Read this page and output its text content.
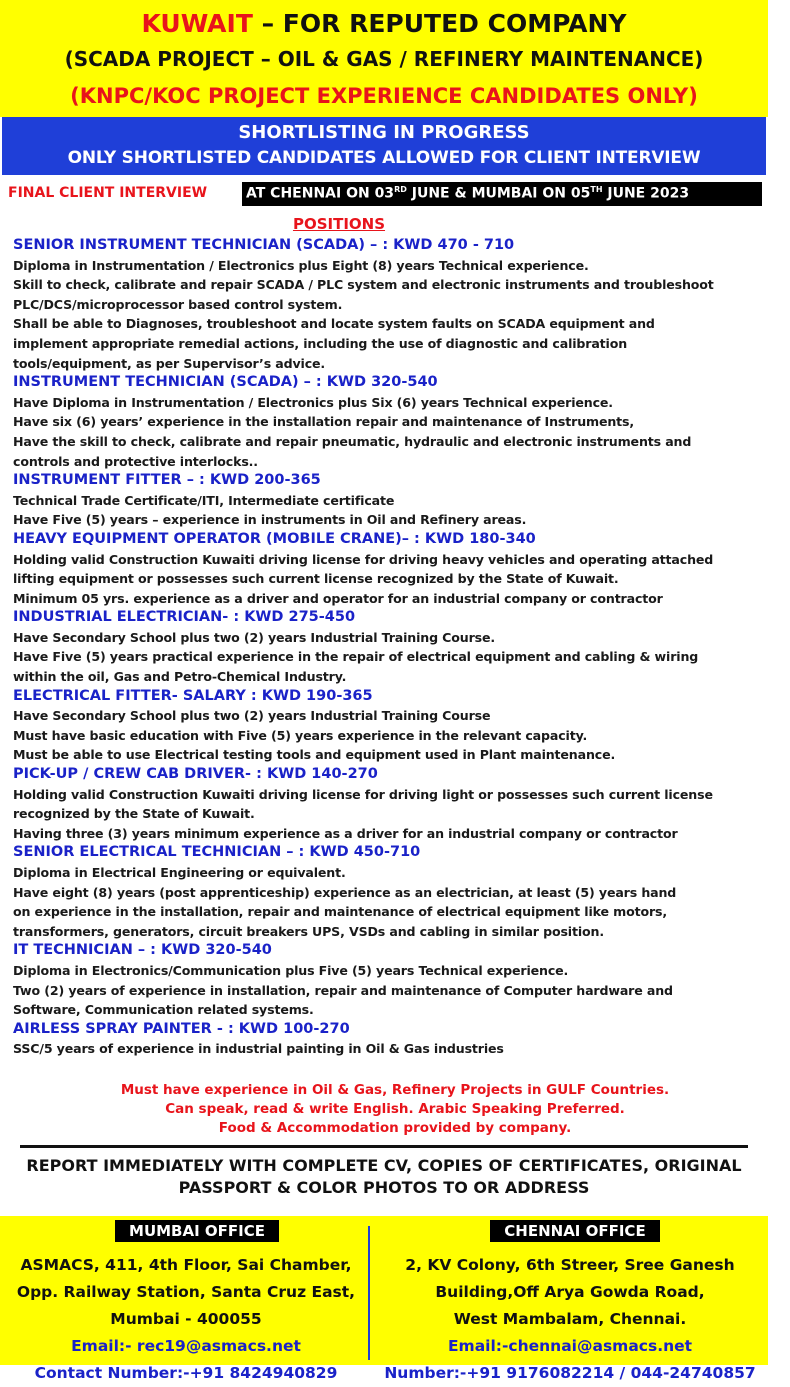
KUWAIT – FOR REPUTED COMPANY
(SCADA PROJECT – OIL & GAS / REFINERY MAINTENANCE)
(KNPC/KOC PROJECT EXPERIENCE CANDIDATES ONLY)
SHORTLISTING IN PROGRESS
ONLY SHORTLISTED CANDIDATES ALLOWED FOR CLIENT INTERVIEW
FINAL CLIENT INTERVIEW	AT CHENNAI ON 03RD JUNE & MUMBAI ON 05TH JUNE 2023
POSITIONS
SENIOR INSTRUMENT TECHNICIAN (SCADA) – : KWD 470 - 710
Diploma in Instrumentation / Electronics plus Eight (8) years Technical experience.
Skill to check, calibrate and repair SCADA / PLC system and electronic instruments and troubleshoot
PLC/DCS/microprocessor based control system.
Shall be able to Diagnoses, troubleshoot and locate system faults on SCADA equipment and
implement appropriate remedial actions, including the use of diagnostic and calibration
tools/equipment, as per Supervisor’s advice.
INSTRUMENT TECHNICIAN (SCADA) – : KWD 320-540
Have Diploma in Instrumentation / Electronics plus Six (6) years Technical experience.
Have six (6) years’ experience in the installation repair and maintenance of Instruments,
Have the skill to check, calibrate and repair pneumatic, hydraulic and electronic instruments and
controls and protective interlocks..
INSTRUMENT FITTER – : KWD 200-365
Technical Trade Certificate/ITI, Intermediate certificate
Have Five (5) years – experience in instruments in Oil and Refinery areas.
HEAVY EQUIPMENT OPERATOR (MOBILE CRANE)– : KWD 180-340
Holding valid Construction Kuwaiti driving license for driving heavy vehicles and operating attached
lifting equipment or possesses such current license recognized by the State of Kuwait.
Minimum 05 yrs. experience as a driver and operator for an industrial company or contractor
INDUSTRIAL ELECTRICIAN- : KWD 275-450
Have Secondary School plus two (2) years Industrial Training Course.
Have Five (5) years practical experience in the repair of electrical equipment and cabling & wiring
within the oil, Gas and Petro-Chemical Industry.
ELECTRICAL FITTER- SALARY : KWD 190-365
Have Secondary School plus two (2) years Industrial Training Course
Must have basic education with Five (5) years experience in the relevant capacity.
Must be able to use Electrical testing tools and equipment used in Plant maintenance.
PICK-UP / CREW CAB DRIVER- : KWD 140-270
Holding valid Construction Kuwaiti driving license for driving light or possesses such current license
recognized by the State of Kuwait.
Having three (3) years minimum experience as a driver for an industrial company or contractor
SENIOR ELECTRICAL TECHNICIAN – : KWD 450-710
Diploma in Electrical Engineering or equivalent.
Have eight (8) years (post apprenticeship) experience as an electrician, at least (5) years hand
on experience in the installation, repair and maintenance of electrical equipment like motors,
transformers, generators, circuit breakers UPS, VSDs and cabling in similar position.
IT TECHNICIAN – : KWD 320-540
Diploma in Electronics/Communication plus Five (5) years Technical experience.
Two (2) years of experience in installation, repair and maintenance of Computer hardware and
Software, Communication related systems.
AIRLESS SPRAY PAINTER - : KWD 100-270
SSC/5 years of experience in industrial painting in Oil & Gas industries
Must have experience in Oil & Gas, Refinery Projects in GULF Countries.
Can speak, read & write English. Arabic Speaking Preferred.
Food & Accommodation provided by company.
REPORT IMMEDIATELY WITH COMPLETE CV, COPIES OF CERTIFICATES, ORIGINAL
PASSPORT & COLOR PHOTOS TO OR ADDRESS
ASMACS, 411, 4th Floor, Sai Chamber,
Opp. Railway Station, Santa Cruz East,
Mumbai - 400055
Email:- rec19@asmacs.net
Contact Number:-+91 8424940829
2, KV Colony, 6th Streer, Sree Ganesh
Building,Off Arya Gowda Road,
West Mambalam, Chennai.
Email:-chennai@asmacs.net
Number:-+91 9176082214 / 044-24740857
MUMBAI OFFICE	CHENNAI OFFICE
